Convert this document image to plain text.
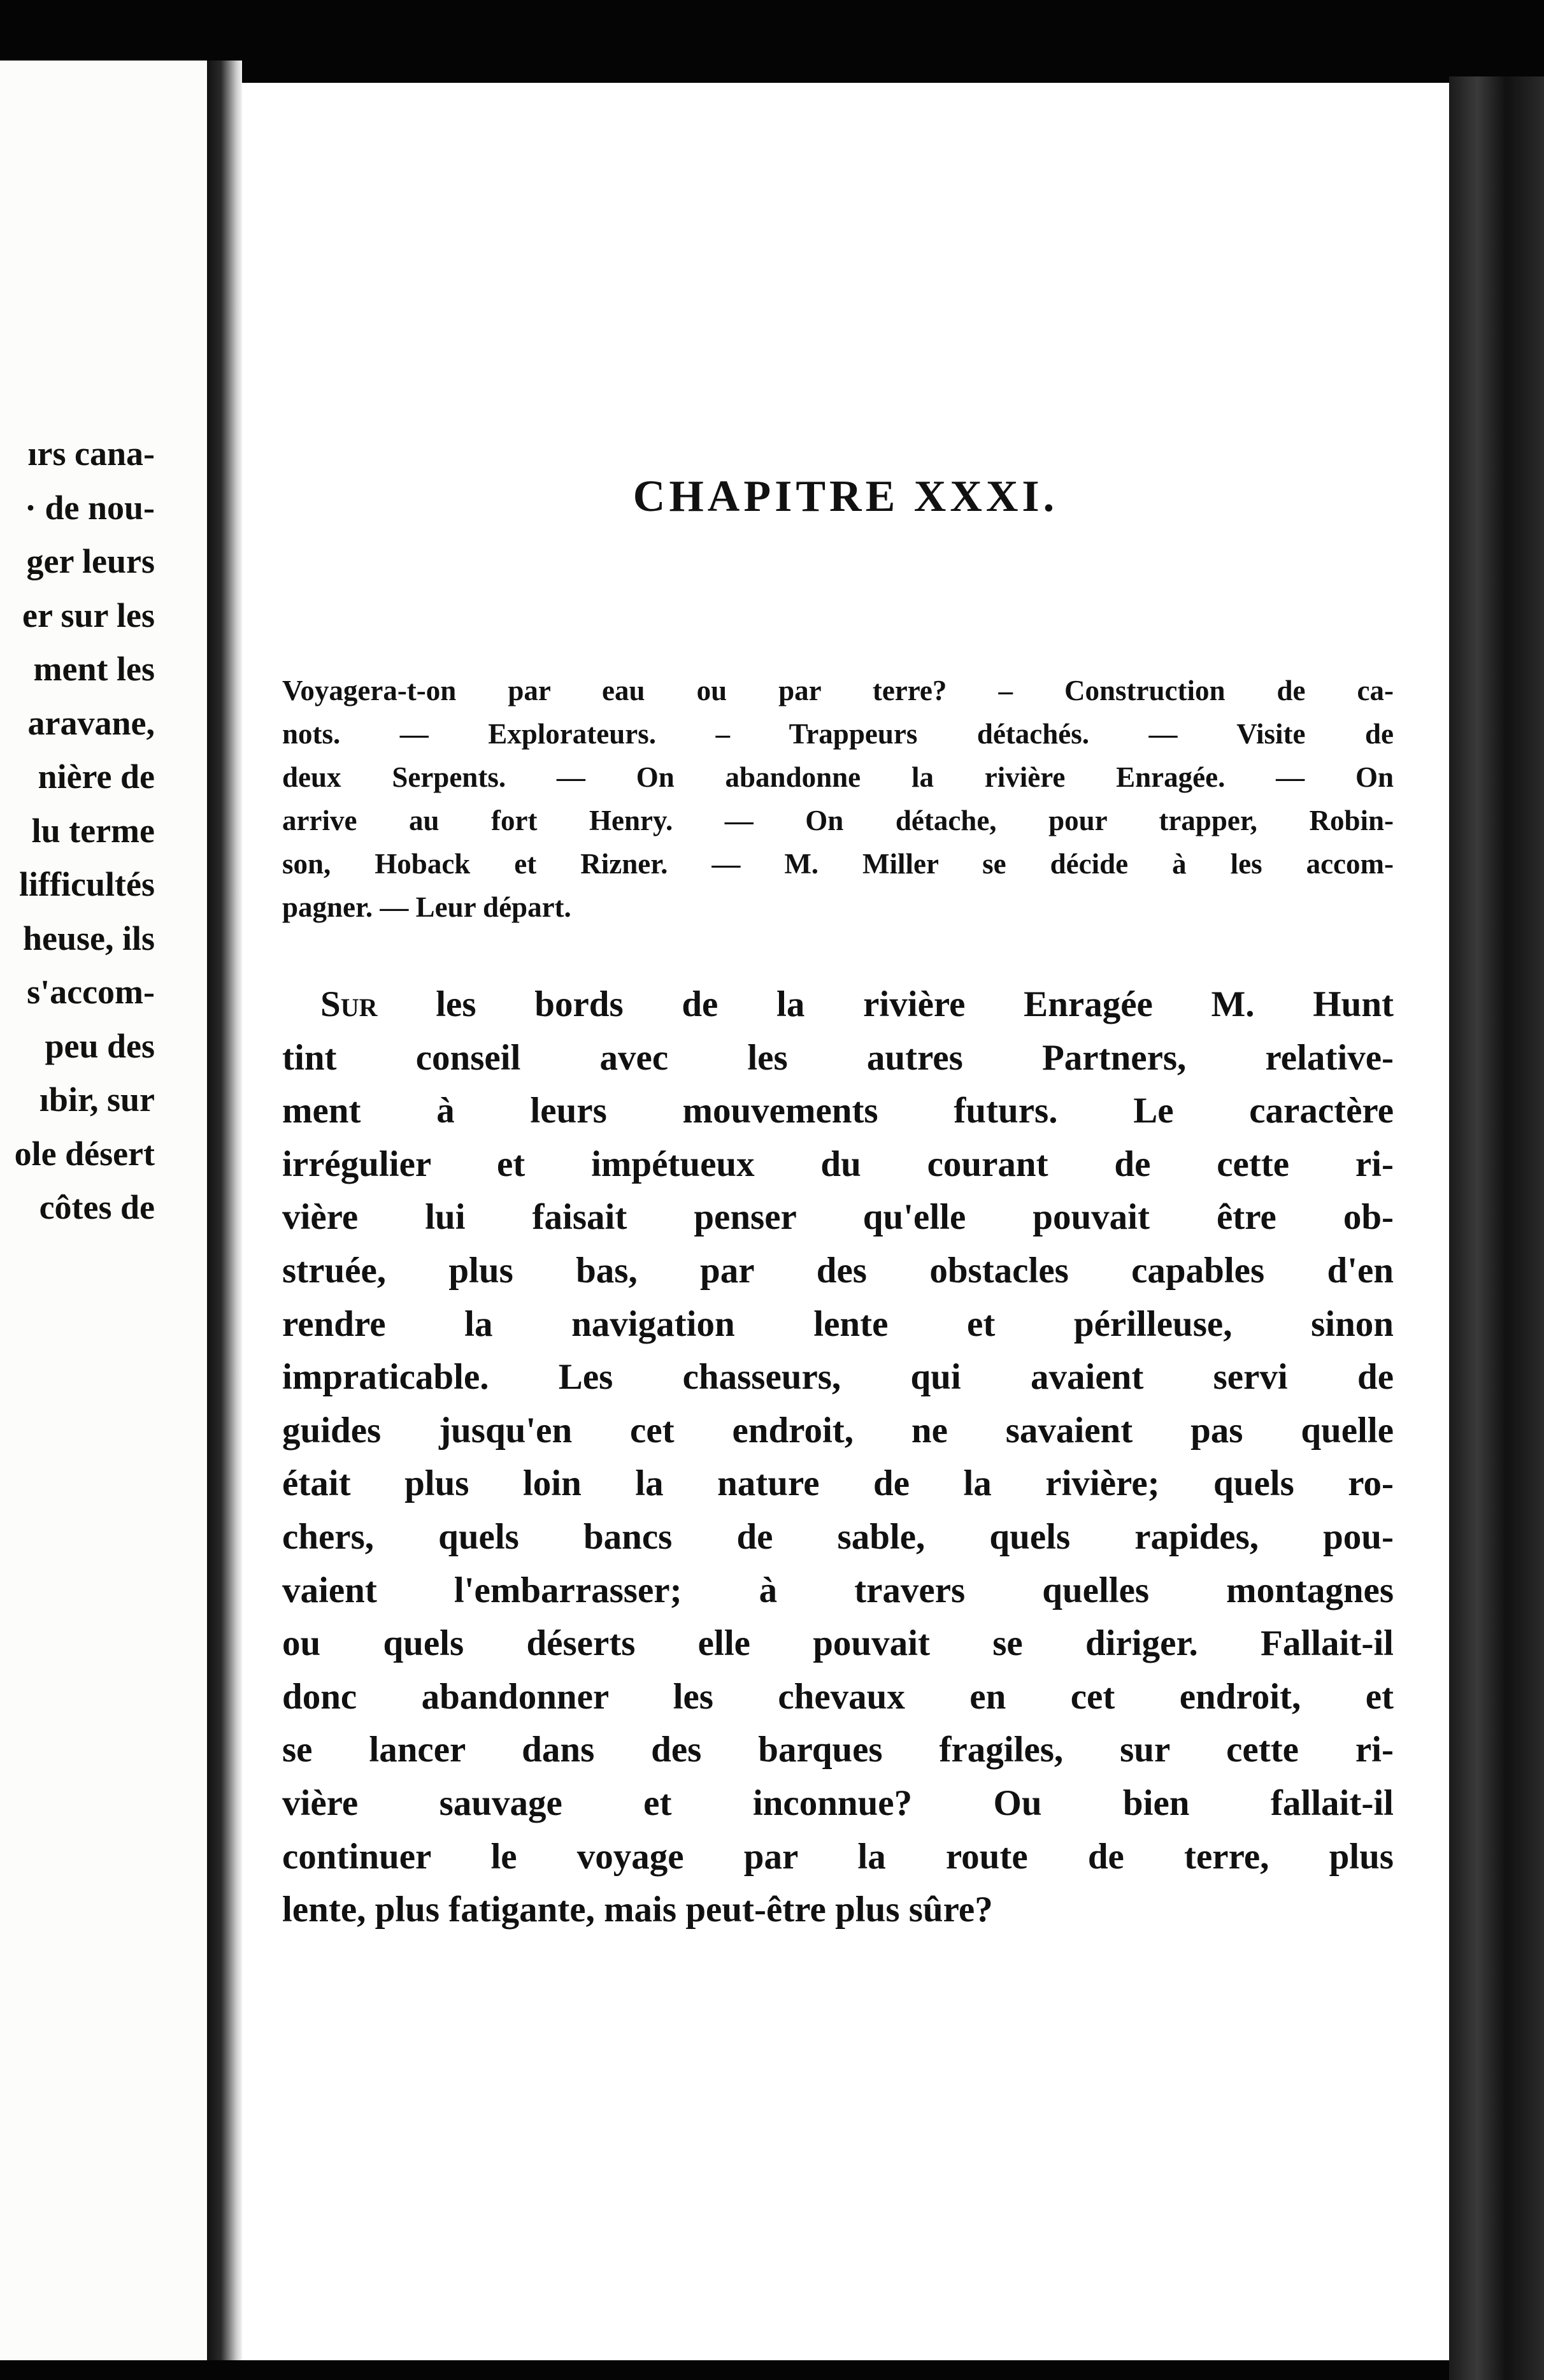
ırs cana-
· de nou-
ger leurs
er sur les
ment les
aravane,
nière de
lu terme
lifficultés
heuse, ils
s'accom-
peu des
ıbir, sur
ole désert
côtes de
CHAPITRE XXXI.
Voyagera-t-on par eau ou par terre? – Construction de ca-
nots. — Explorateurs. – Trappeurs détachés. — Visite de
deux Serpents. — On abandonne la rivière Enragée. — On
arrive au fort Henry. — On détache, pour trapper, Robin-
son, Hoback et Rizner. — M. Miller se décide à les accom-
pagner. — Leur départ.
Sur les bords de la rivière Enragée M. Hunt
tint conseil avec les autres Partners, relative-
ment à leurs mouvements futurs. Le caractère
irrégulier et impétueux du courant de cette ri-
vière lui faisait penser qu'elle pouvait être ob-
struée, plus bas, par des obstacles capables d'en
rendre la navigation lente et périlleuse, sinon
impraticable. Les chasseurs, qui avaient servi de
guides jusqu'en cet endroit, ne savaient pas quelle
était plus loin la nature de la rivière; quels ro-
chers, quels bancs de sable, quels rapides, pou-
vaient l'embarrasser; à travers quelles montagnes
ou quels déserts elle pouvait se diriger. Fallait-il
donc abandonner les chevaux en cet endroit, et
se lancer dans des barques fragiles, sur cette ri-
vière sauvage et inconnue? Ou bien fallait-il
continuer le voyage par la route de terre, plus
lente, plus fatigante, mais peut-être plus sûre?
